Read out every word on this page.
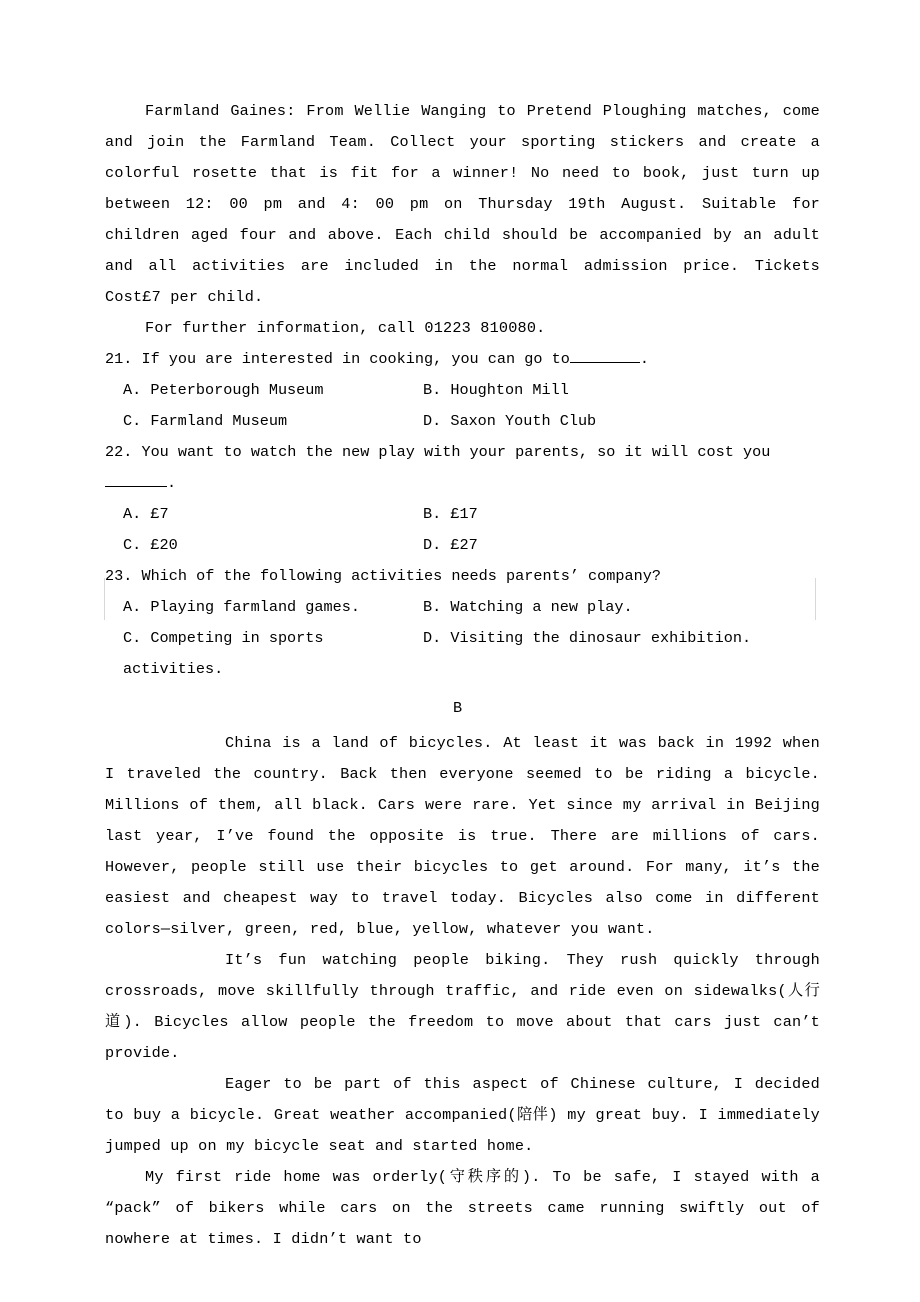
Farmland Gaines: From Wellie Wanging to Pretend Ploughing matches, come and join the Farmland Team. Collect your sporting stickers and create a colorful rosette that is fit for a winner! No need to book, just turn up between 12: 00 pm and 4: 00 pm on Thursday 19th August. Suitable for children aged four and above. Each child should be accompanied by an adult and all activities are included in the normal admission price. Tickets Cost£7 per child.

For further information, call 01223 810080.

21. If you are interested in cooking, you can go to	.

A. Peterborough Museum	B. Houghton Mill
C. Farmland Museum	D. Saxon Youth Club

22. You want to watch the new play with your parents, so it will cost you.

A. £7	B. £17
C. £20	D. £27

23. Which of the following activities needs parents’ company?

A. Playing farmland games.	B. Watching a new play.
C. Competing in sports activities.
D. Visiting the dinosaur exhibition.

B

China is a land of bicycles. At least it was back in 1992 when I traveled the country. Back then everyone seemed to be riding a bicycle. Millions of them, all black. Cars were rare. Yet since my arrival in Beijing last year, I’ve found the opposite is true. There are millions of cars. However, people still use their bicycles to get around. For many, it’s the easiest and cheapest way to travel today. Bicycles also come in different colors—silver, green, red, blue, yellow, whatever you want.

It’s fun watching people biking. They rush quickly through crossroads, move skillfully through traffic, and ride even on sidewalks(人行道). Bicycles allow people the freedom to move about that cars just can’t provide.

Eager to be part of this aspect of Chinese culture, I decided to buy a bicycle. Great weather accompanied(陪伴) my great buy. I immediately jumped up on my bicycle seat and started home.

My first ride home was orderly(守秩序的). To be safe, I stayed with a “pack” of bikers while cars on the streets came running swiftly out of nowhere at times. I didn’t want to
